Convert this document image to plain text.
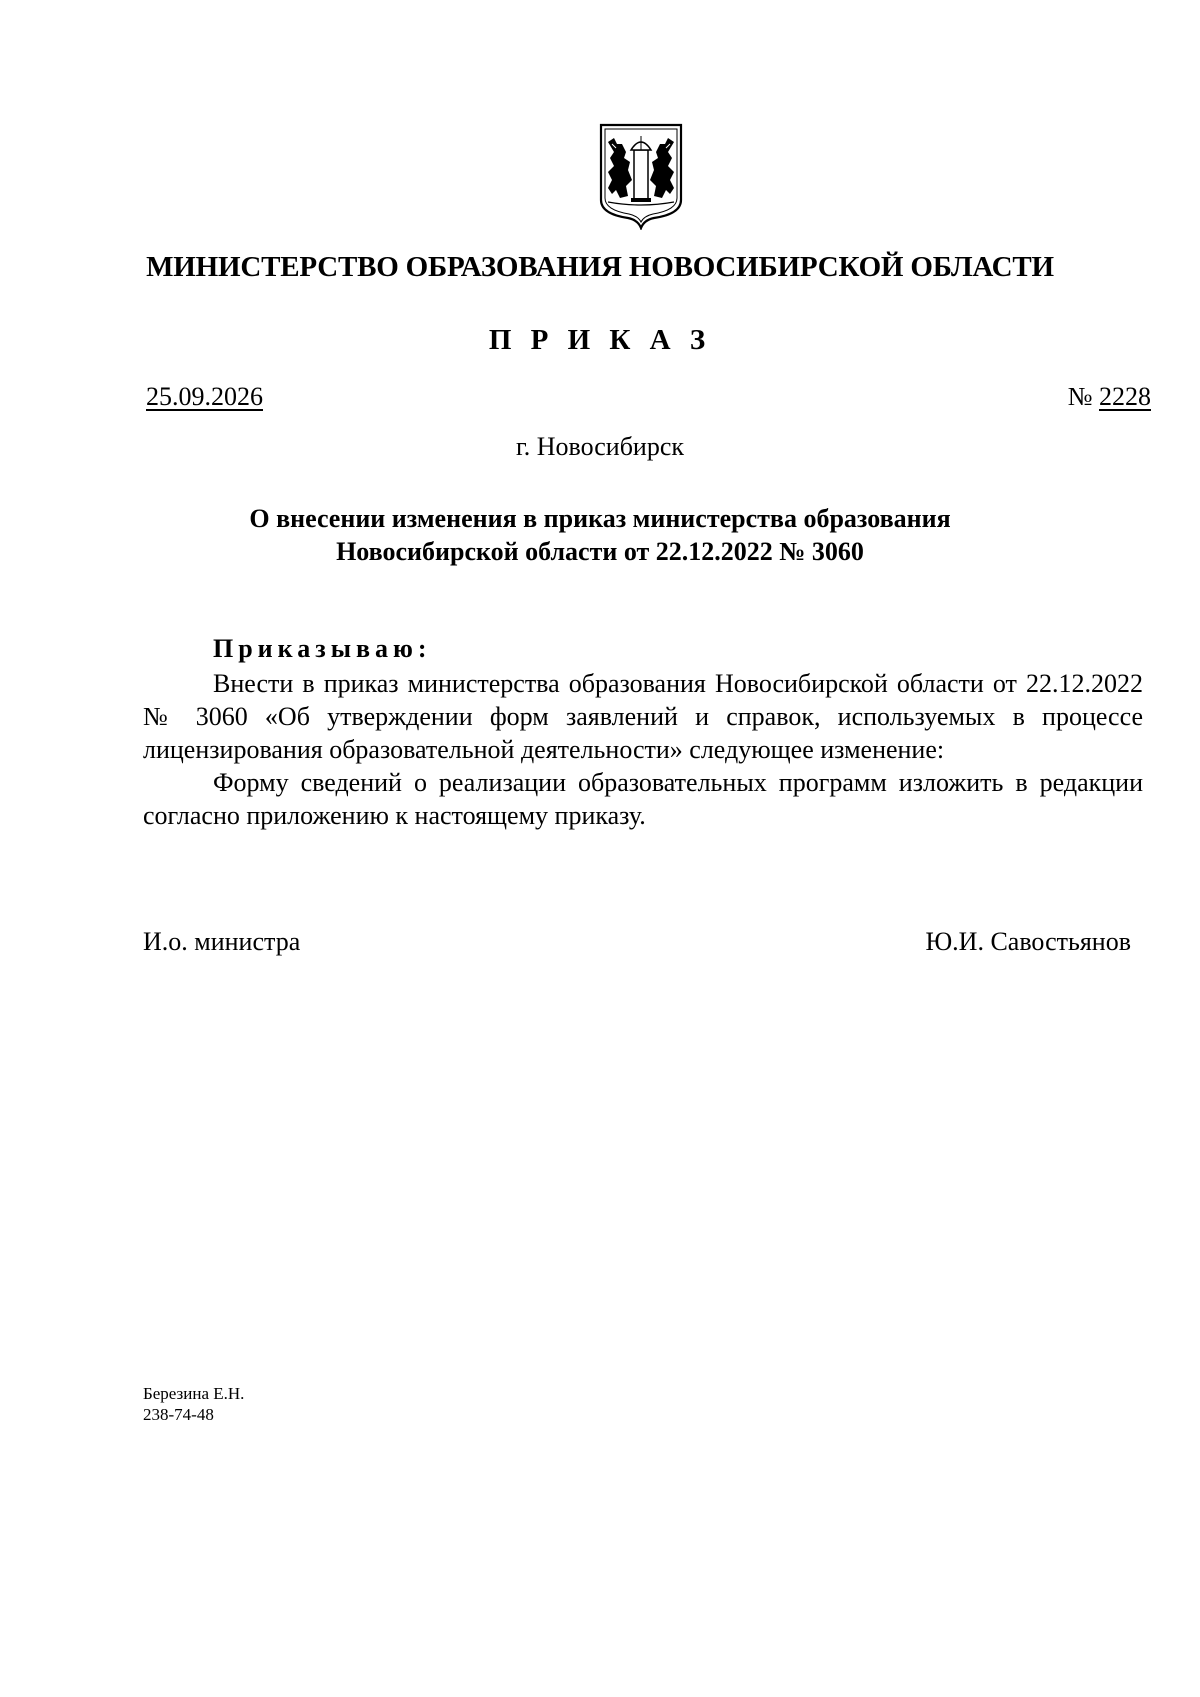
МИНИСТЕРСТВО ОБРАЗОВАНИЯ НОВОСИБИРСКОЙ ОБЛАСТИ
П Р И К А З
25.09.2026	№ 2228
г. Новосибирск
О внесении изменения в приказ министерства образования
Новосибирской области от 22.12.2022 № 3060
Приказываю:

Внести в приказ министерства образования Новосибирской области от 22.12.2022 № 3060 «Об утверждении форм заявлений и справок, используемых в процессе лицензирования образовательной деятельности» следующее изменение:

Форму сведений о реализации образовательных программ изложить в редакции согласно приложению к настоящему приказу.

И.о. министра	Ю.И. Савостьянов
Березина Е.Н.
238-74-48
